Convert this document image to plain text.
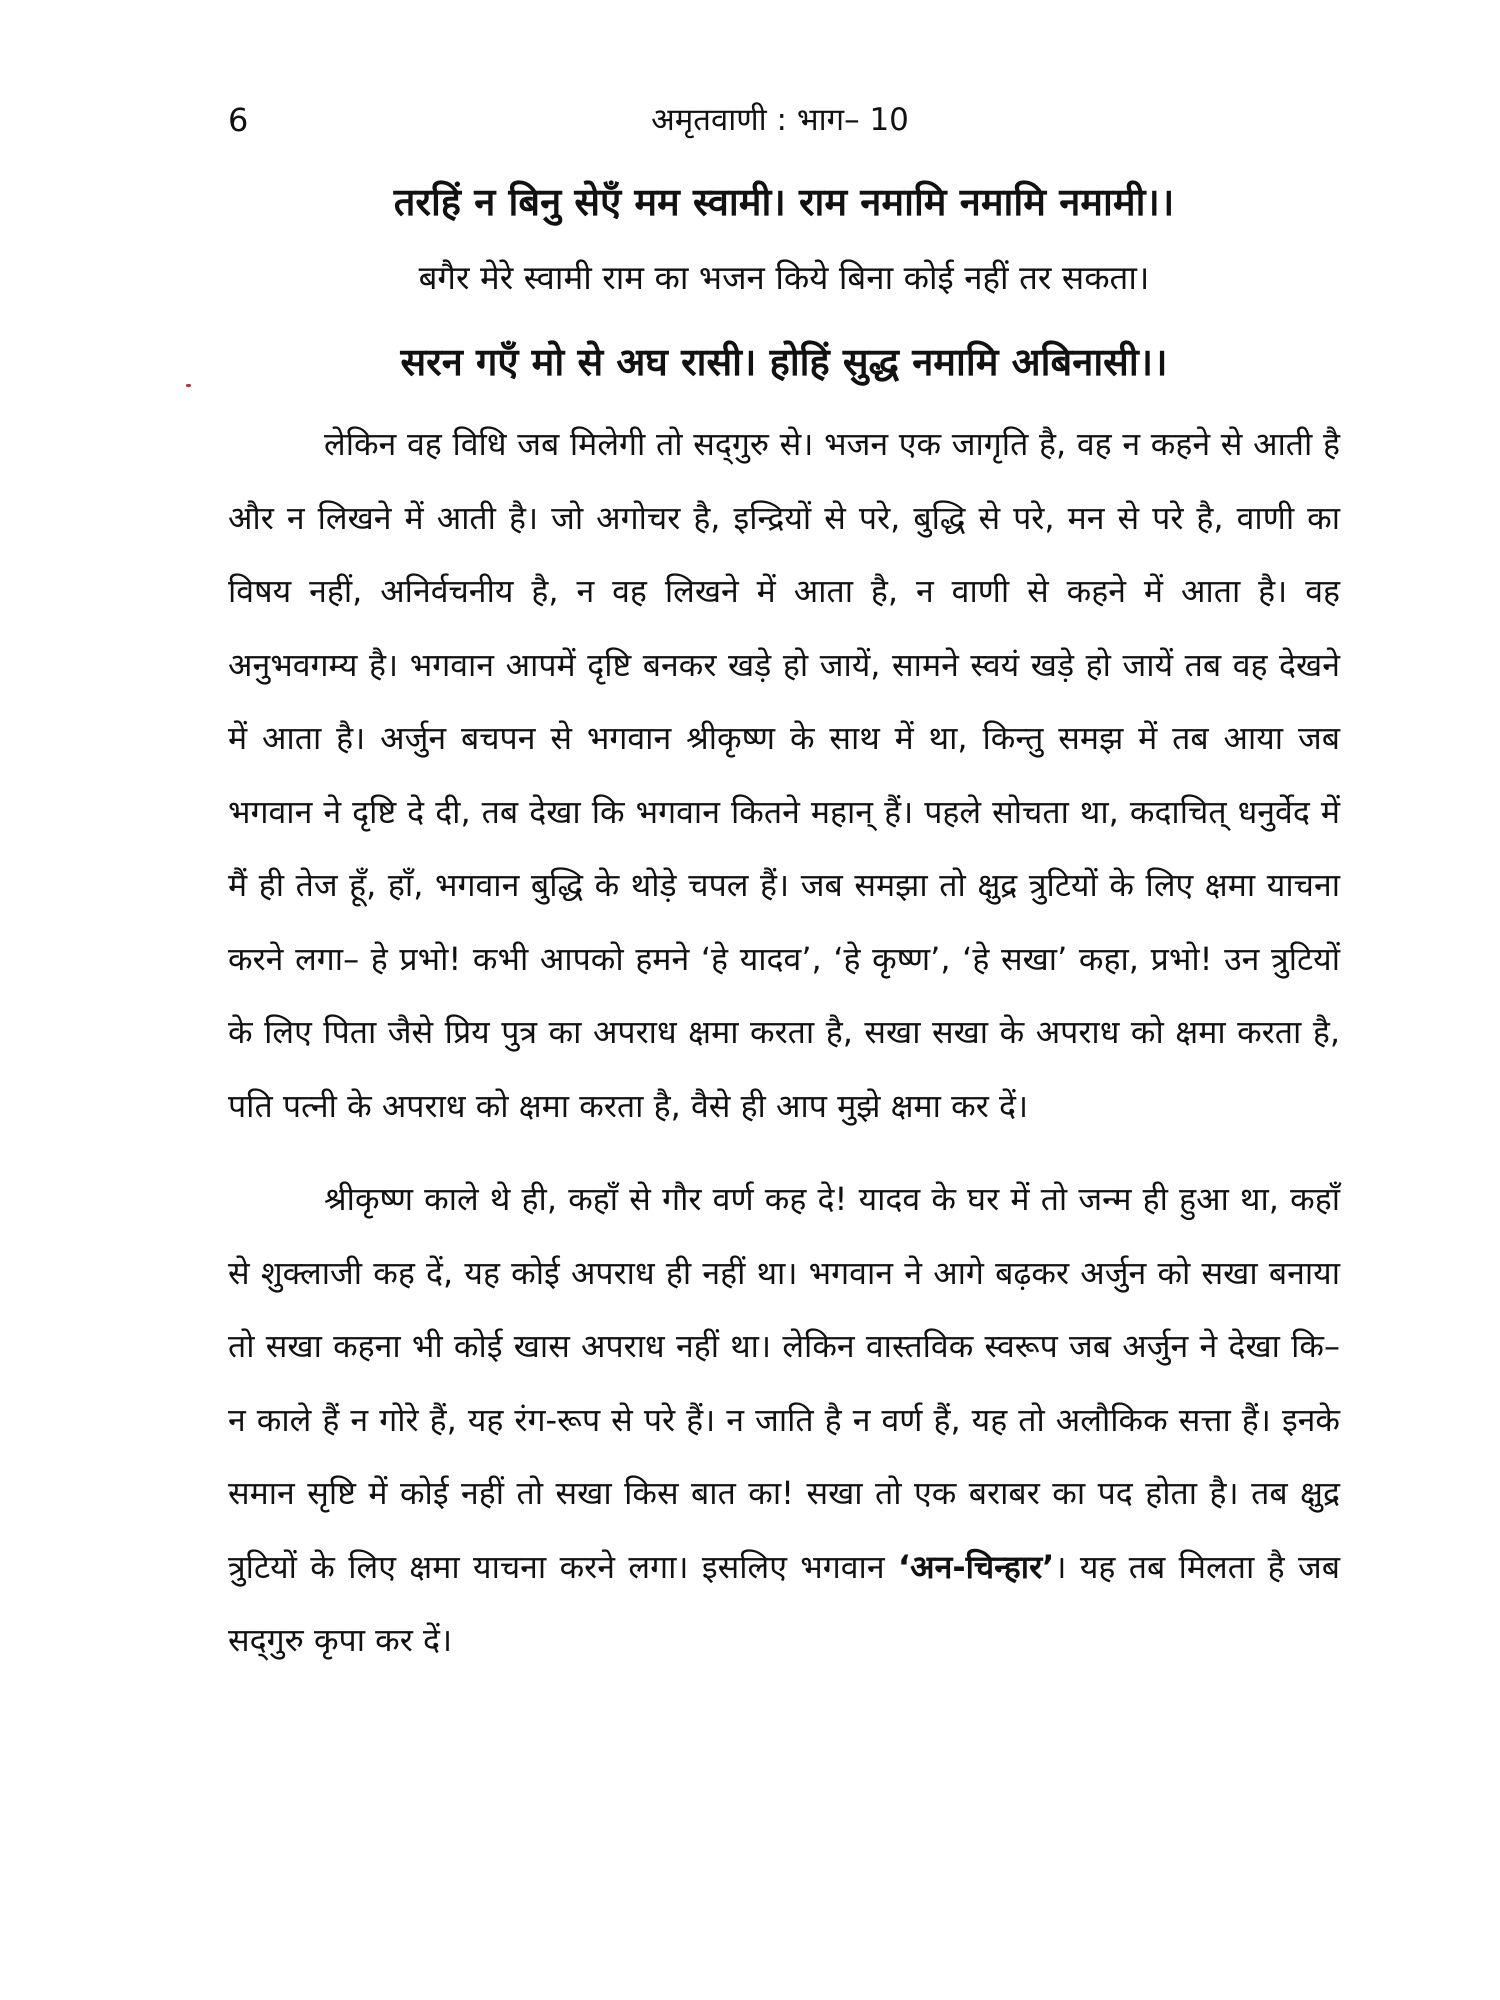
6	अमृतवाणी : भाग– 10

तरहिं न बिनु सेएँ मम स्वामी। राम नमामि नमामि नमामी।।

बगैर मेरे स्वामी राम का भजन किये बिना कोई नहीं तर सकता।

सरन गएँ मो से अघ रासी। होहिं सुद्ध नमामि अबिनासी।।

लेकिन वह विधि जब मिलेगी तो सद्‌गुरु से। भजन एक जागृति है, वह न कहने से आती है और न लिखने में आती है। जो अगोचर है, इन्द्रियों से परे, बुद्धि से परे, मन से परे है, वाणी का विषय नहीं, अनिर्वचनीय है, न वह लिखने में आता है, न वाणी से कहने में आता है। वह अनुभवगम्य है। भगवान आपमें दृष्टि बनकर खड़े हो जायें, सामने स्वयं खड़े हो जायें तब वह देखने में आता है। अर्जुन बचपन से भगवान श्रीकृष्ण के साथ में था, किन्तु समझ में तब आया जब भगवान ने दृष्टि दे दी, तब देखा कि भगवान कितने महान् हैं। पहले सोचता था, कदाचित् धनुर्वेद में मैं ही तेज हूँ, हाँ, भगवान बुद्धि के थोड़े चपल हैं। जब समझा तो क्षुद्र त्रुटियों के लिए क्षमा याचना करने लगा– हे प्रभो! कभी आपको हमने ‘हे यादव’, ‘हे कृष्ण’, ‘हे सखा’ कहा, प्रभो! उन त्रुटियों के लिए पिता जैसे प्रिय पुत्र का अपराध क्षमा करता है, सखा सखा के अपराध को क्षमा करता है, पति पत्नी के अपराध को क्षमा करता है, वैसे ही आप मुझे क्षमा कर दें।

श्रीकृष्ण काले थे ही, कहाँ से गौर वर्ण कह दे! यादव के घर में तो जन्म ही हुआ था, कहाँ से शुक्लाजी कह दें, यह कोई अपराध ही नहीं था। भगवान ने आगे बढ़कर अर्जुन को सखा बनाया तो सखा कहना भी कोई खास अपराध नहीं था। लेकिन वास्तविक स्वरूप जब अर्जुन ने देखा कि– न काले हैं न गोरे हैं, यह रंग-रूप से परे हैं। न जाति है न वर्ण हैं, यह तो अलौकिक सत्ता हैं। इनके समान सृष्टि में कोई नहीं तो सखा किस बात का! सखा तो एक बराबर का पद होता है। तब क्षुद्र त्रुटियों के लिए क्षमा याचना करने लगा। इसलिए भगवान ‘अन-चिन्हार’। यह तब मिलता है जब सद्‌गुरु कृपा कर दें।
